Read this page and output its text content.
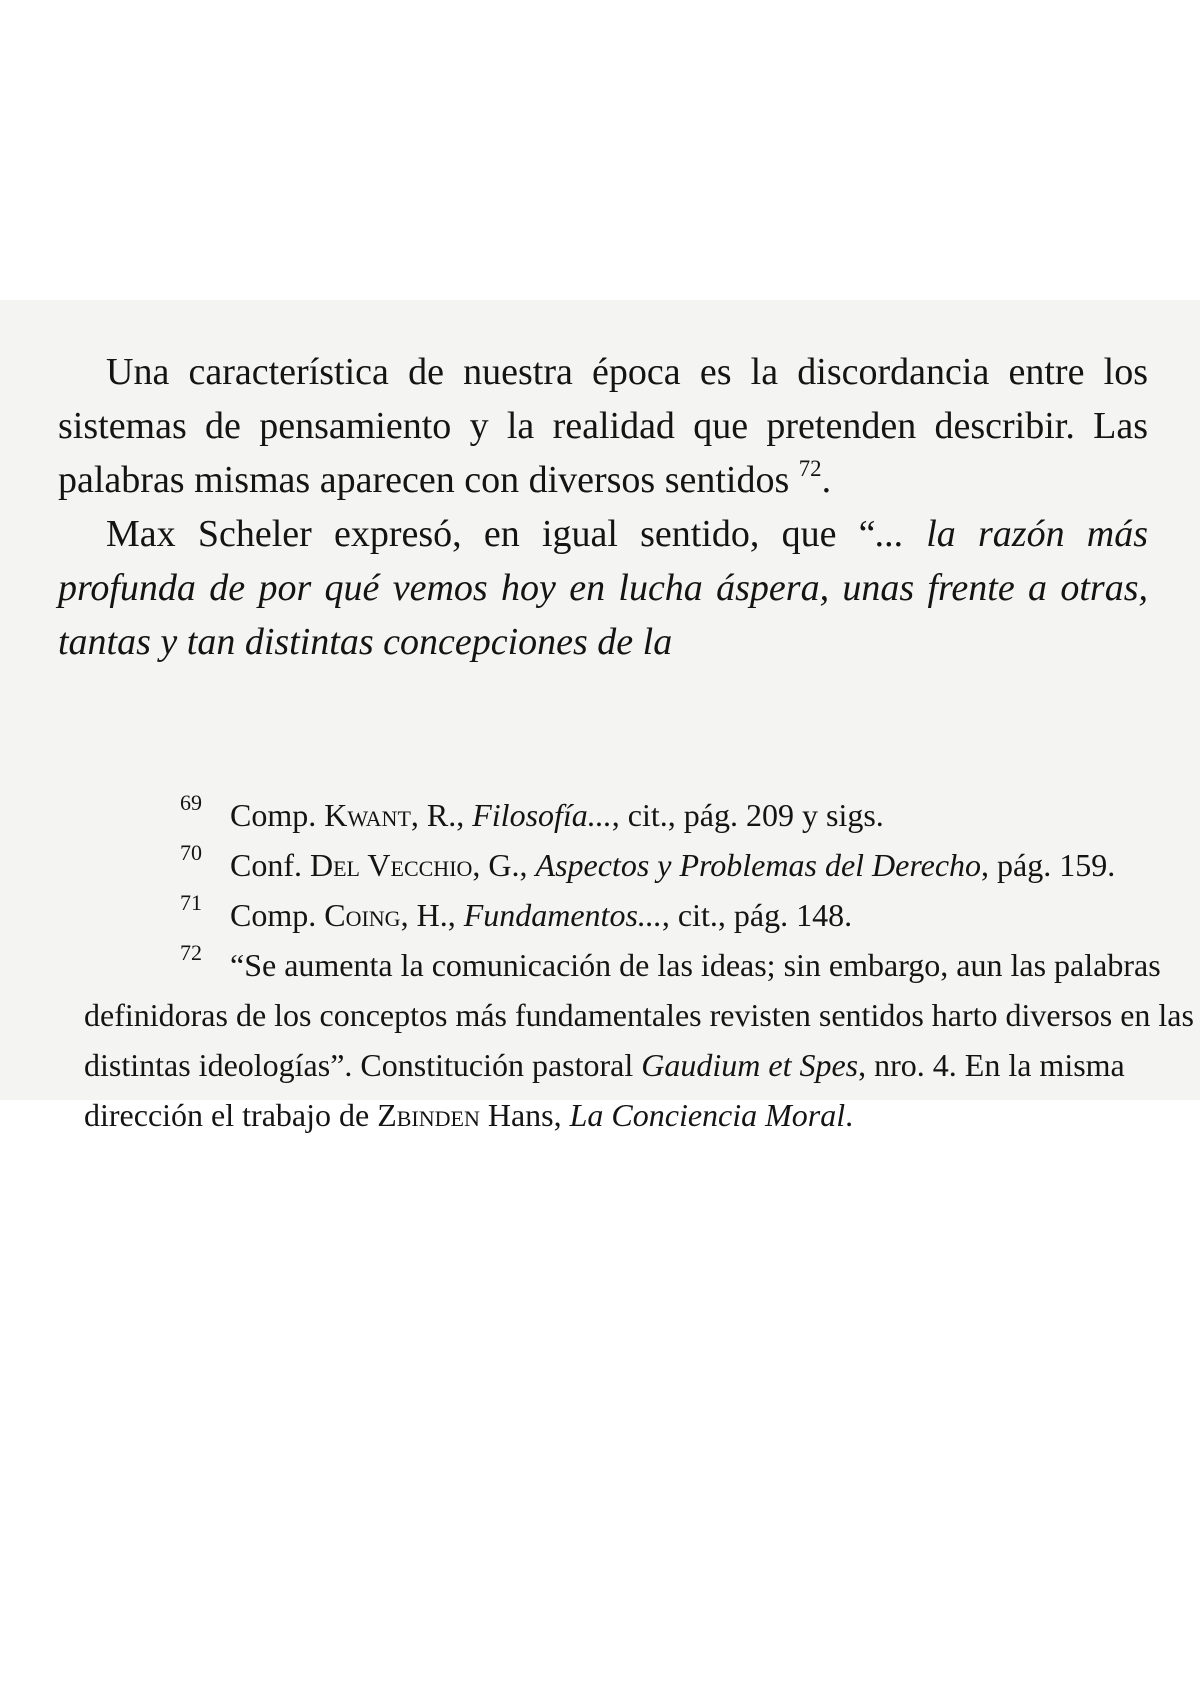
Una característica de nuestra época es la discordancia entre los sistemas de pensamiento y la realidad que pretenden describir. Las palabras mismas aparecen con diversos sentidos $^{72}$.

Max Scheler expresó, en igual sentido, que “... la razón más profunda de por qué vemos hoy en lucha áspera, unas frente a otras, tantas y tan distintas concepciones de la

69 Comp. Kwant, R., Filosofía..., cit., pág. 209 y sigs.

70 Conf. Del Vecchio, G., Aspectos y Problemas del Derecho, pág. 159.

71 Comp. Coing, H., Fundamentos..., cit., pág. 148.

72 “Se aumenta la comunicación de las ideas; sin embargo, aun las palabras definidoras de los conceptos más fundamentales revisten sentidos harto diversos en las distintas ideologías”. Constitución pastoral Gaudium et Spes, nro. 4. En la misma dirección el trabajo de Zbinden Hans, La Conciencia Moral.
